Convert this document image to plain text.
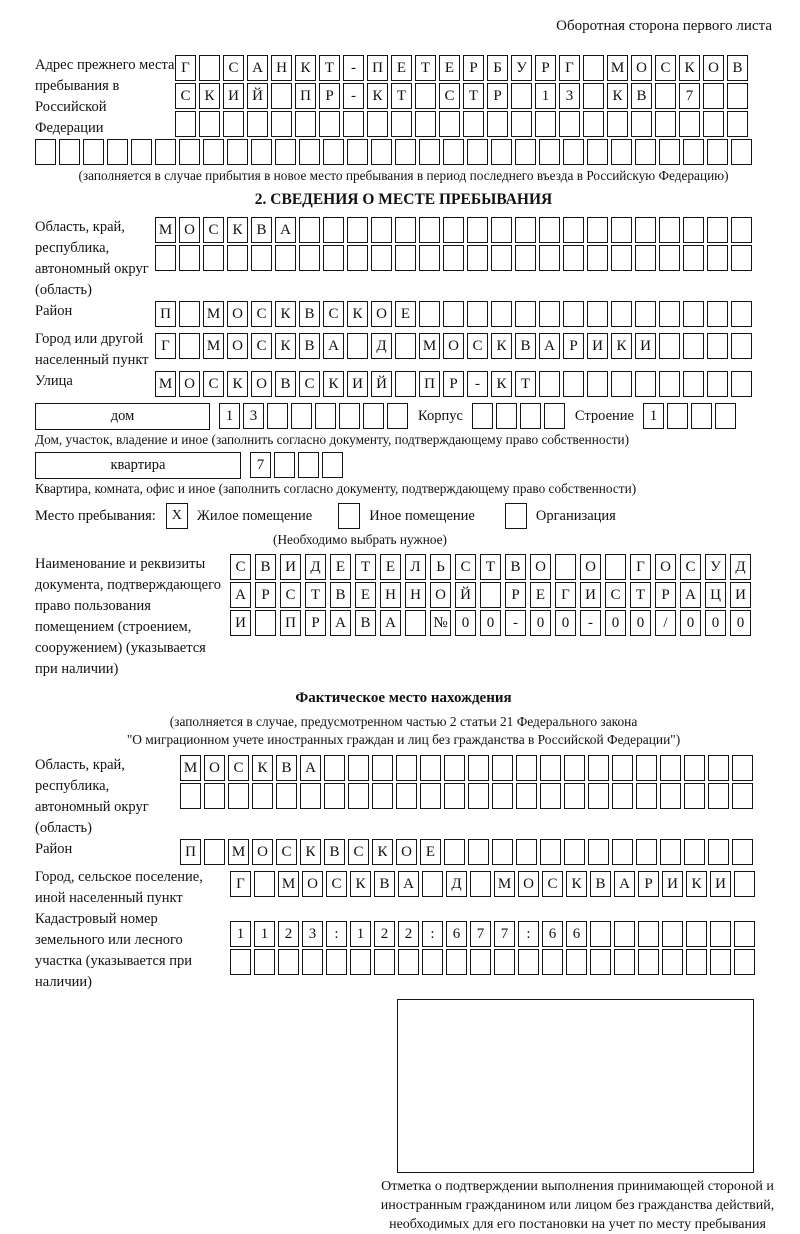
Оборотная сторона первого листа
Адрес прежнего места пребывания в Российской Федерации
Г	С А Н К Т	-	П Е Т Е	Р	Б У Р	Г	М О С К О В
С К И Й	П Р	-	К Т	С Т	Р	1	3	К В	7
(заполняется в случае прибытия в новое место пребывания в период последнего въезда в Российскую Федерацию)
2. СВЕДЕНИЯ О МЕСТЕ ПРЕБЫВАНИЯ
Область, край, республика, автономный округ (область)
М О С К В А
Район	П	М О С К В С К О Е
Город или другой населенный пункт
Г	М О С К В А	Д	М О С К В А Р И К И
Улица	М О С К О В С К И Й	П Р	-	К Т
дом	1	3	Корпус	Строение	1
Дом, участок, владение и иное (заполнить согласно документу, подтверждающему право собственности)
квартира	7
Квартира, комната, офис и иное (заполнить согласно документу, подтверждающему право собственности)
Место пребывания:	X	Жилое помещение	Иное помещение	Организация
(Необходимо выбрать нужное)
Наименование и реквизиты документа, подтверждающего право пользования помещением (строением, сооружением) (указывается при наличии)
С В И Д	Е	Т	Е	Л	Ь	С	Т	В О	О	Г	О С У Д
А	Р	С	Т	В	Е	Н Н О Й	Р	Е	Г	И С	Т	Р	А Ц И
И	П	Р	А В А	№ 0	0	-	0	0	-	0	0	/	0	0	0
Фактическое место нахождения
(заполняется в случае, предусмотренном частью 2 статьи 21 Федерального закона
"О миграционном учете иностранных граждан и лиц без гражданства в Российской Федерации")
Область, край, республика, автономный округ (область)
М О С К В А
Район	П	М О С К В С К О Е
Город, сельское поселение, иной населенный пункт
Г	М О С К В А	Д	М О С К В А Р И К И
Кадастровый номер земельного или лесного участка (указывается при наличии)
1	1	2	3	:	1	2	2	:	6	7	7	:	6	6
Отметка о подтверждении выполнения принимающей стороной и иностранным гражданином или лицом без гражданства действий, необходимых для его постановки на учет по месту пребывания
